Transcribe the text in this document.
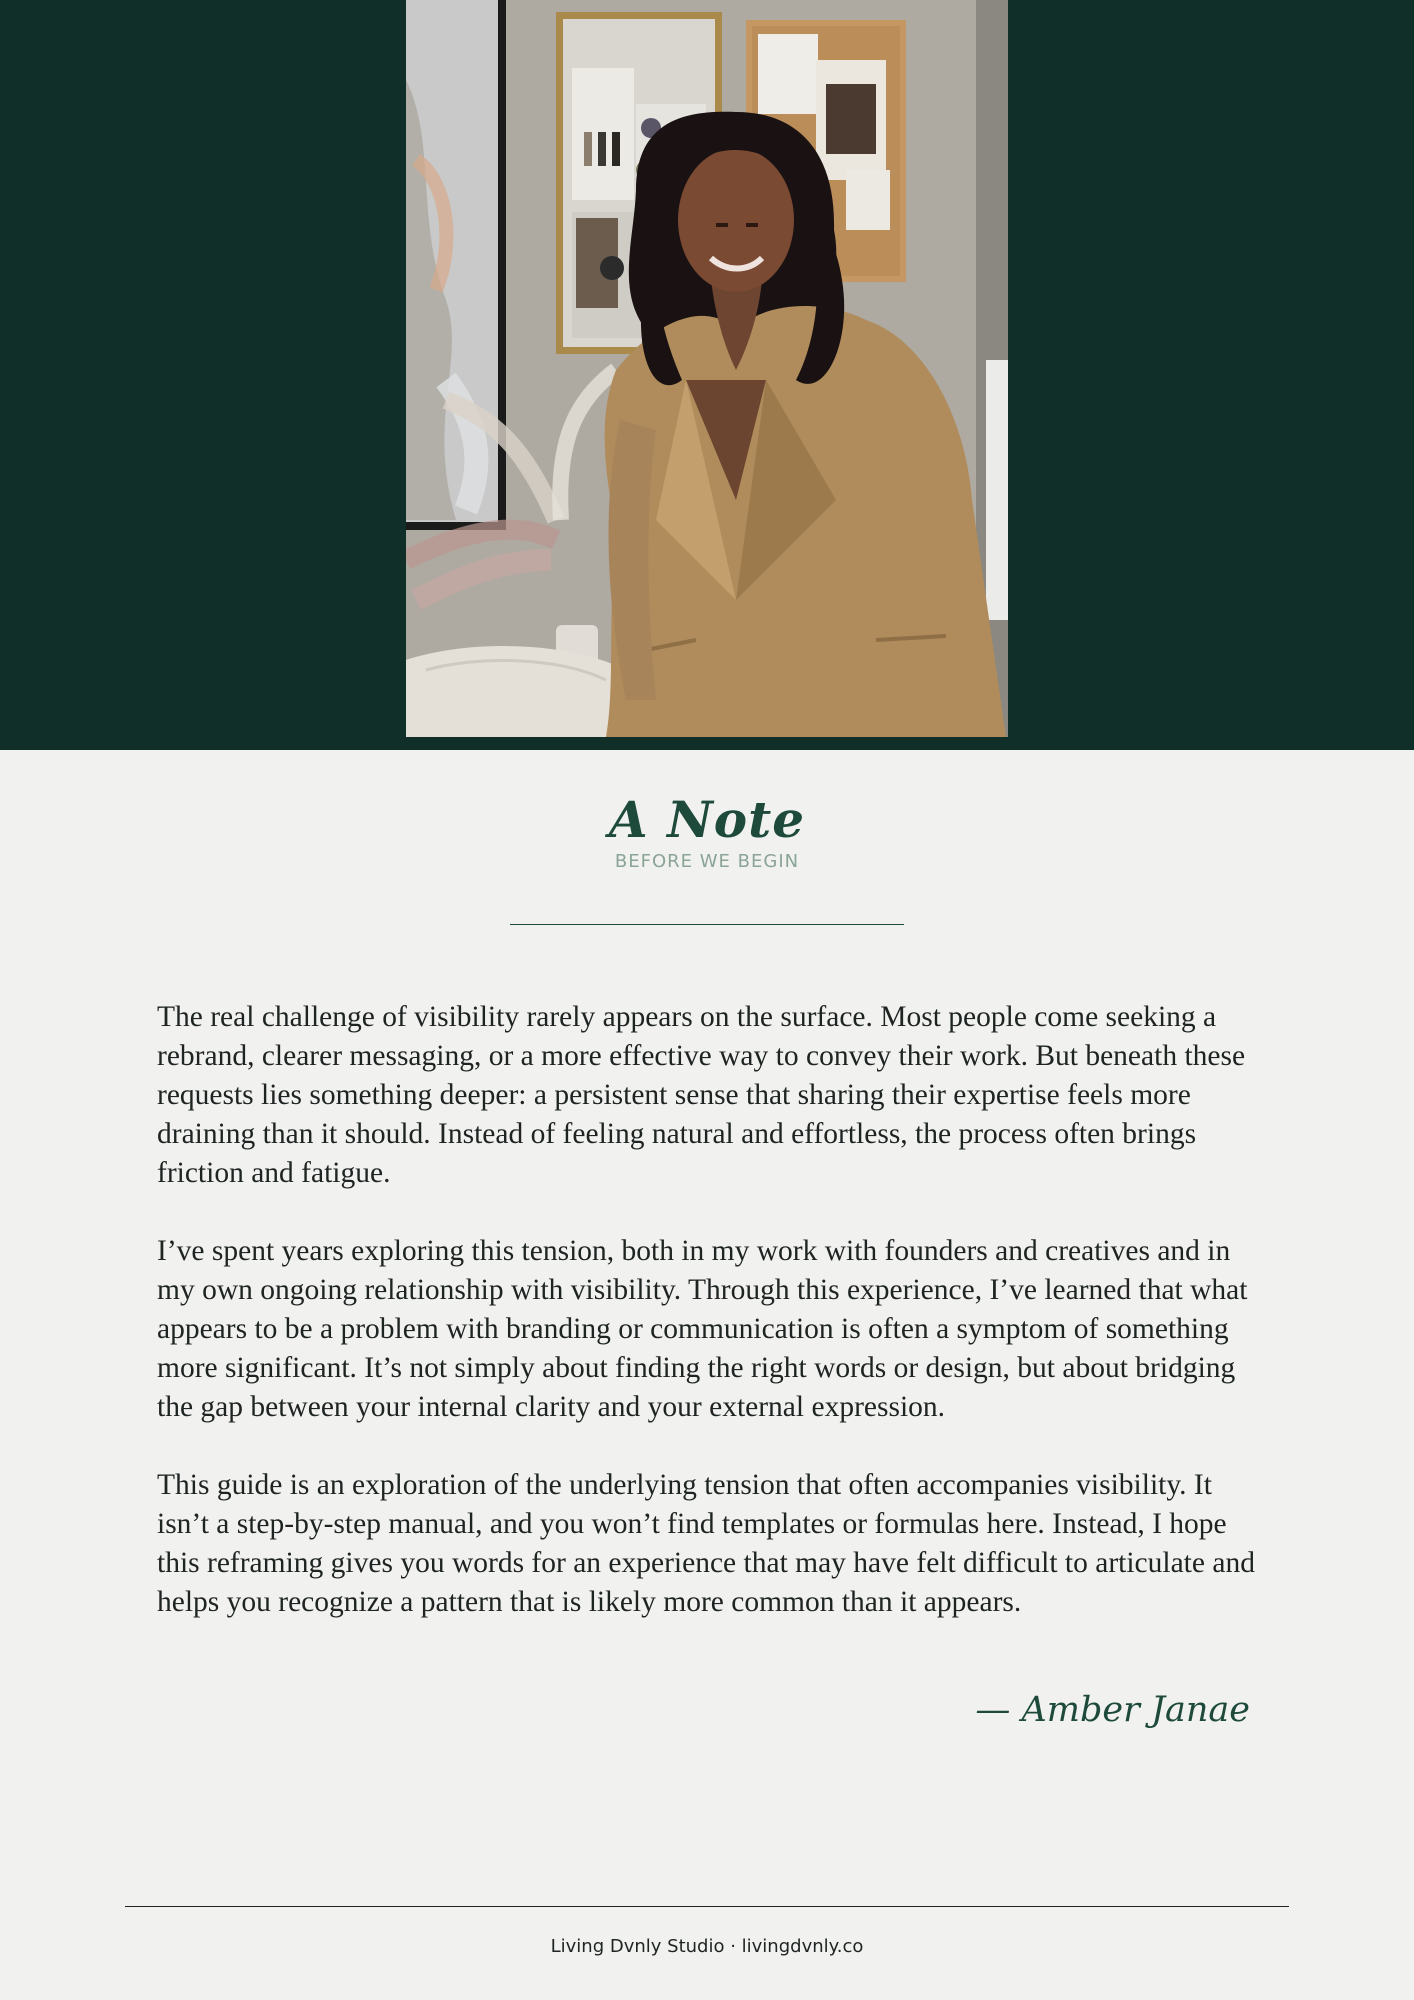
A Note
BEFORE WE BEGIN

The real challenge of visibility rarely appears on the surface. Most people come seeking a rebrand, clearer messaging, or a more effective way to convey their work. But beneath these requests lies something deeper: a persistent sense that sharing their expertise feels more draining than it should. Instead of feeling natural and effortless, the process often brings friction and fatigue.

I’ve spent years exploring this tension, both in my work with founders and creatives and in my own ongoing relationship with visibility. Through this experience, I’ve learned that what appears to be a problem with branding or communication is often a symptom of something more significant. It’s not simply about finding the right words or design, but about bridging the gap between your internal clarity and your external expression.

This guide is an exploration of the underlying tension that often accompanies visibility. It isn’t a step-by-step manual, and you won’t find templates or formulas here. Instead, I hope this reframing gives you words for an experience that may have felt difficult to articulate and helps you recognize a pattern that is likely more common than it appears.

— Amber Janae
Living Dvnly Studio · livingdvnly.co
